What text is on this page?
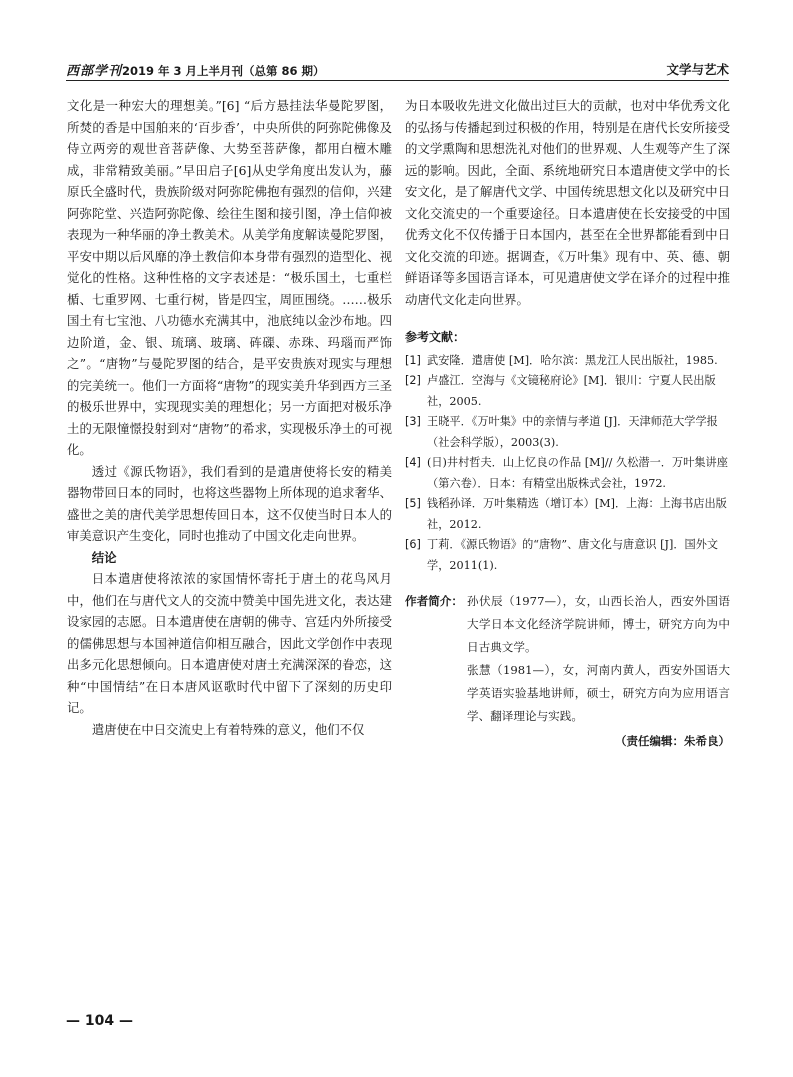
西部学刊2019 年 3 月上半月刊（总第 86 期）	文学与艺术

文化是一种宏大的理想美。”[6] “后方悬挂法华曼陀罗图，所焚的香是中国舶来的‘百步香’，中央所供的阿弥陀佛像及侍立两旁的观世音菩萨像、大势至菩萨像，都用白檀木雕成，非常精致美丽。”早田启子[6]从史学角度出发认为，藤原氏全盛时代，贵族阶级对阿弥陀佛抱有强烈的信仰，兴建阿弥陀堂、兴造阿弥陀像、绘往生图和接引图，净土信仰被表现为一种华丽的净土教美术。从美学角度解读曼陀罗图，平安中期以后风靡的净土教信仰本身带有强烈的造型化、视觉化的性格。这种性格的文字表述是：“极乐国土，七重栏楯、七重罗网、七重行树，皆是四宝，周匝围绕。……极乐国土有七宝池、八功德水充满其中，池底纯以金沙布地。四边阶道，金、银、琉璃、玻璃、砗磲、赤珠、玛瑙而严饰之”。“唐物”与曼陀罗图的结合，是平安贵族对现实与理想的完美统一。他们一方面将“唐物”的现实美升华到西方三圣的极乐世界中，实现现实美的理想化；另一方面把对极乐净土的无限憧憬投射到对“唐物”的希求，实现极乐净土的可视化。

透过《源氏物语》，我们看到的是遣唐使将长安的精美器物带回日本的同时，也将这些器物上所体现的追求奢华、盛世之美的唐代美学思想传回日本，这不仅使当时日本人的审美意识产生变化，同时也推动了中国文化走向世界。

结论

日本遣唐使将浓浓的家国情怀寄托于唐土的花鸟风月中，他们在与唐代文人的交流中赞美中国先进文化，表达建设家园的志愿。日本遣唐使在唐朝的佛寺、宫廷内外所接受的儒佛思想与本国神道信仰相互融合，因此文学创作中表现出多元化思想倾向。日本遣唐使对唐土充满深深的眷恋，这种“中国情结”在日本唐风讴歌时代中留下了深刻的历史印记。

遣唐使在中日交流史上有着特殊的意义，他们不仅

为日本吸收先进文化做出过巨大的贡献，也对中华优秀文化的弘扬与传播起到过积极的作用，特别是在唐代长安所接受的文学熏陶和思想洗礼对他们的世界观、人生观等产生了深远的影响。因此，全面、系统地研究日本遣唐使文学中的长安文化，是了解唐代文学、中国传统思想文化以及研究中日文化交流史的一个重要途径。日本遣唐使在长安接受的中国优秀文化不仅传播于日本国内，甚至在全世界都能看到中日文化交流的印迹。据调查，《万叶集》现有中、英、德、朝鲜语译等多国语言译本，可见遣唐使文学在译介的过程中推动唐代文化走向世界。

参考文献：

[1] 武安隆．遣唐使 [M]．哈尔滨：黑龙江人民出版社，1985.
[2] 卢盛江．空海与《文镜秘府论》[M]．银川：宁夏人民出版社，2005.
[3] 王晓平．《万叶集》中的亲情与孝道 [J]．天津师范大学学报（社会科学版），2003(3).
[4] (日)井村哲夫．山上忆良の作品 [M]// 久松潜一．万叶集讲座（第六卷）．日本：有精堂出版株式会社，1972.
[5] 钱稻孙译．万叶集精选（增订本）[M]．上海：上海书店出版社，2012.
[6] 丁莉．《源氏物语》的“唐物”、唐文化与唐意识 [J]．国外文学，2011(1).
作者简介： 孙伏辰（1977—），女，山西长治人，西安外国语大学日本文化经济学院讲师，博士，研究方向为中日古典文学。

张慧（1981—），女，河南内黄人，西安外国语大学英语实验基地讲师，硕士，研究方向为应用语言学、翻译理论与实践。

（责任编辑：朱希良）
— 104 —
